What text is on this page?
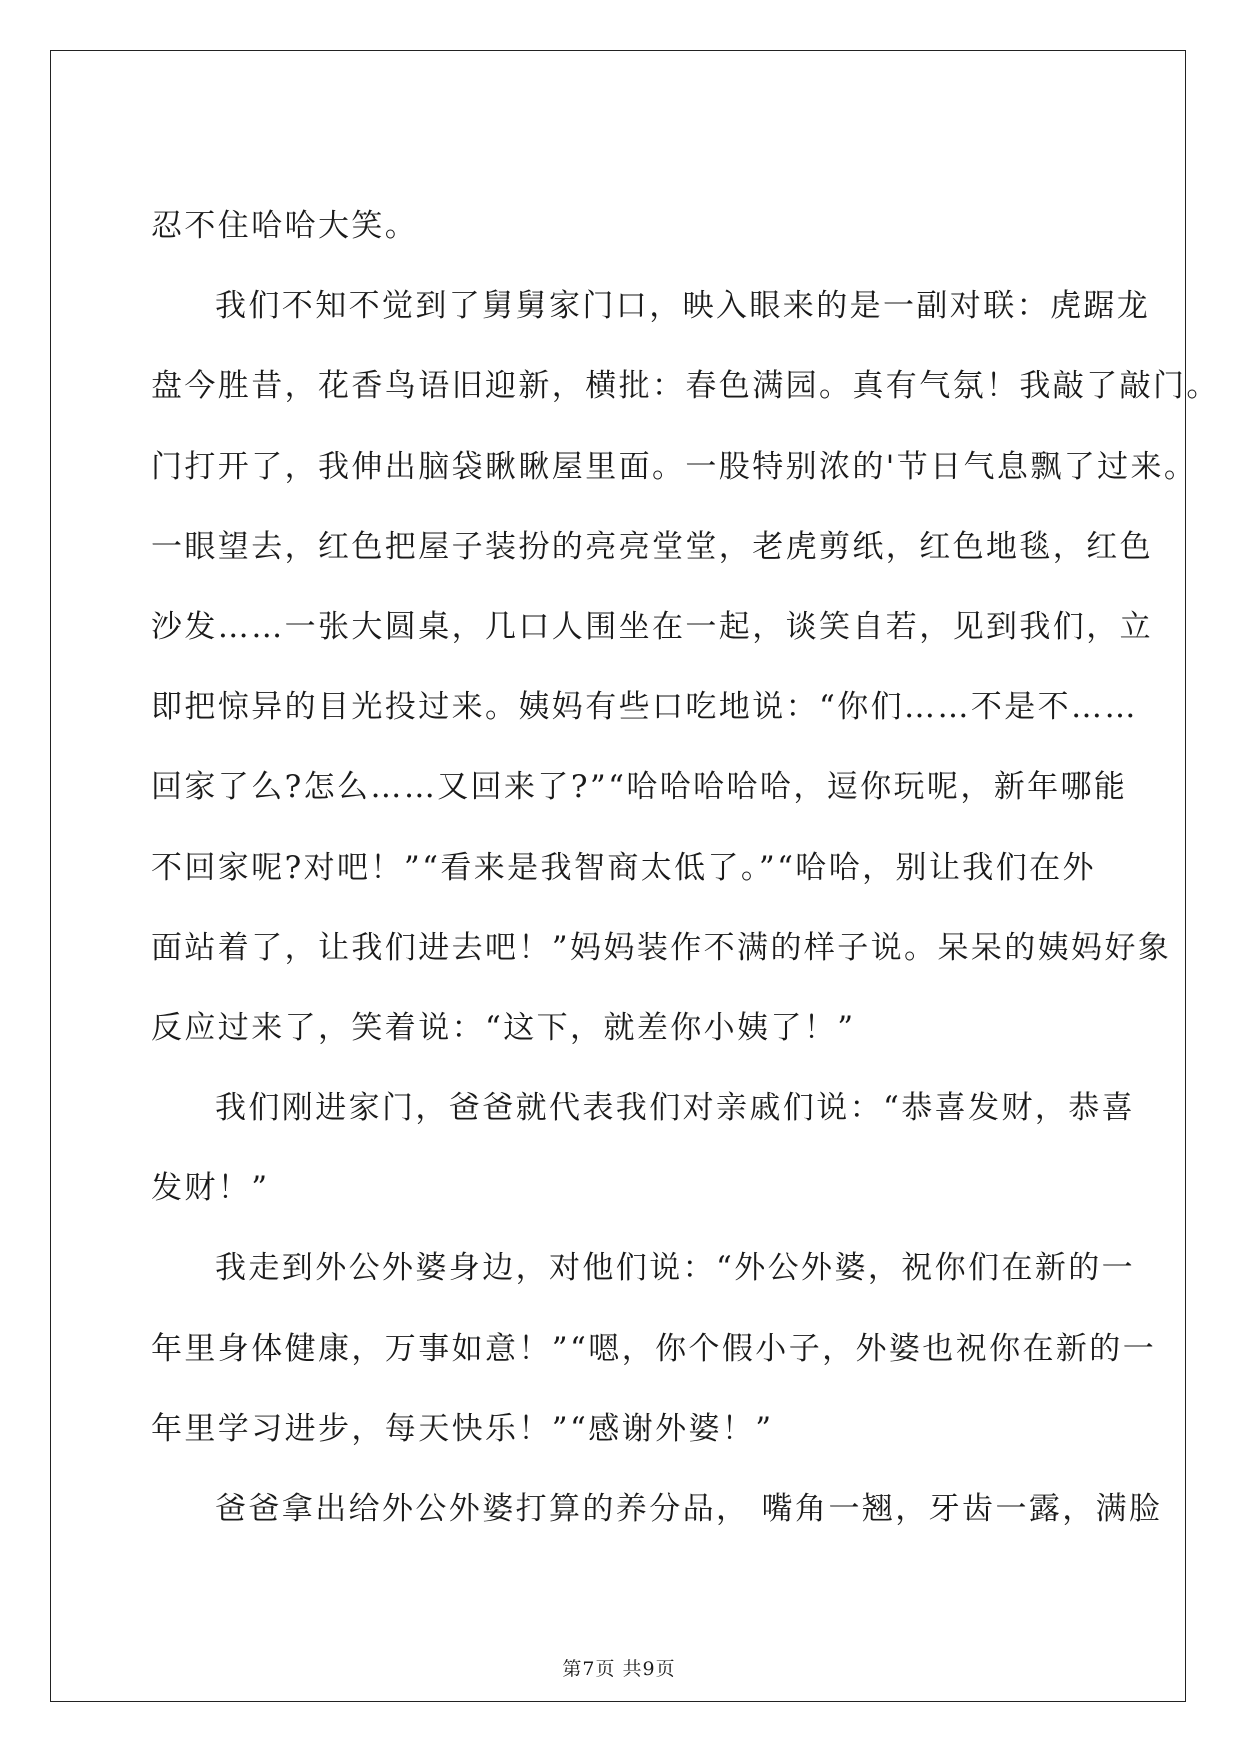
忍不住哈哈大笑。
我们不知不觉到了舅舅家门口，映入眼来的是一副对联：虎踞龙
盘今胜昔，花香鸟语旧迎新，横批：春色满园。真有气氛！我敲了敲门。
门打开了，我伸出脑袋瞅瞅屋里面。一股特别浓的'节日气息飘了过来。
一眼望去，红色把屋子装扮的亮亮堂堂，老虎剪纸，红色地毯，红色
沙发……一张大圆桌，几口人围坐在一起，谈笑自若，见到我们，立
即把惊异的目光投过来。姨妈有些口吃地说：“你们……不是不……
回家了么?怎么……又回来了?”“哈哈哈哈哈，逗你玩呢，新年哪能
不回家呢?对吧！”“看来是我智商太低了。”“哈哈，别让我们在外
面站着了，让我们进去吧！”妈妈装作不满的样子说。呆呆的姨妈好象
反应过来了，笑着说：“这下，就差你小姨了！”
我们刚进家门，爸爸就代表我们对亲戚们说：“恭喜发财，恭喜
发财！”
我走到外公外婆身边，对他们说：“外公外婆，祝你们在新的一
年里身体健康，万事如意！”“嗯，你个假小子，外婆也祝你在新的一
年里学习进步，每天快乐！”“感谢外婆！”
爸爸拿出给外公外婆打算的养分品， 嘴角一翘，牙齿一露，满脸
第7页 共9页
